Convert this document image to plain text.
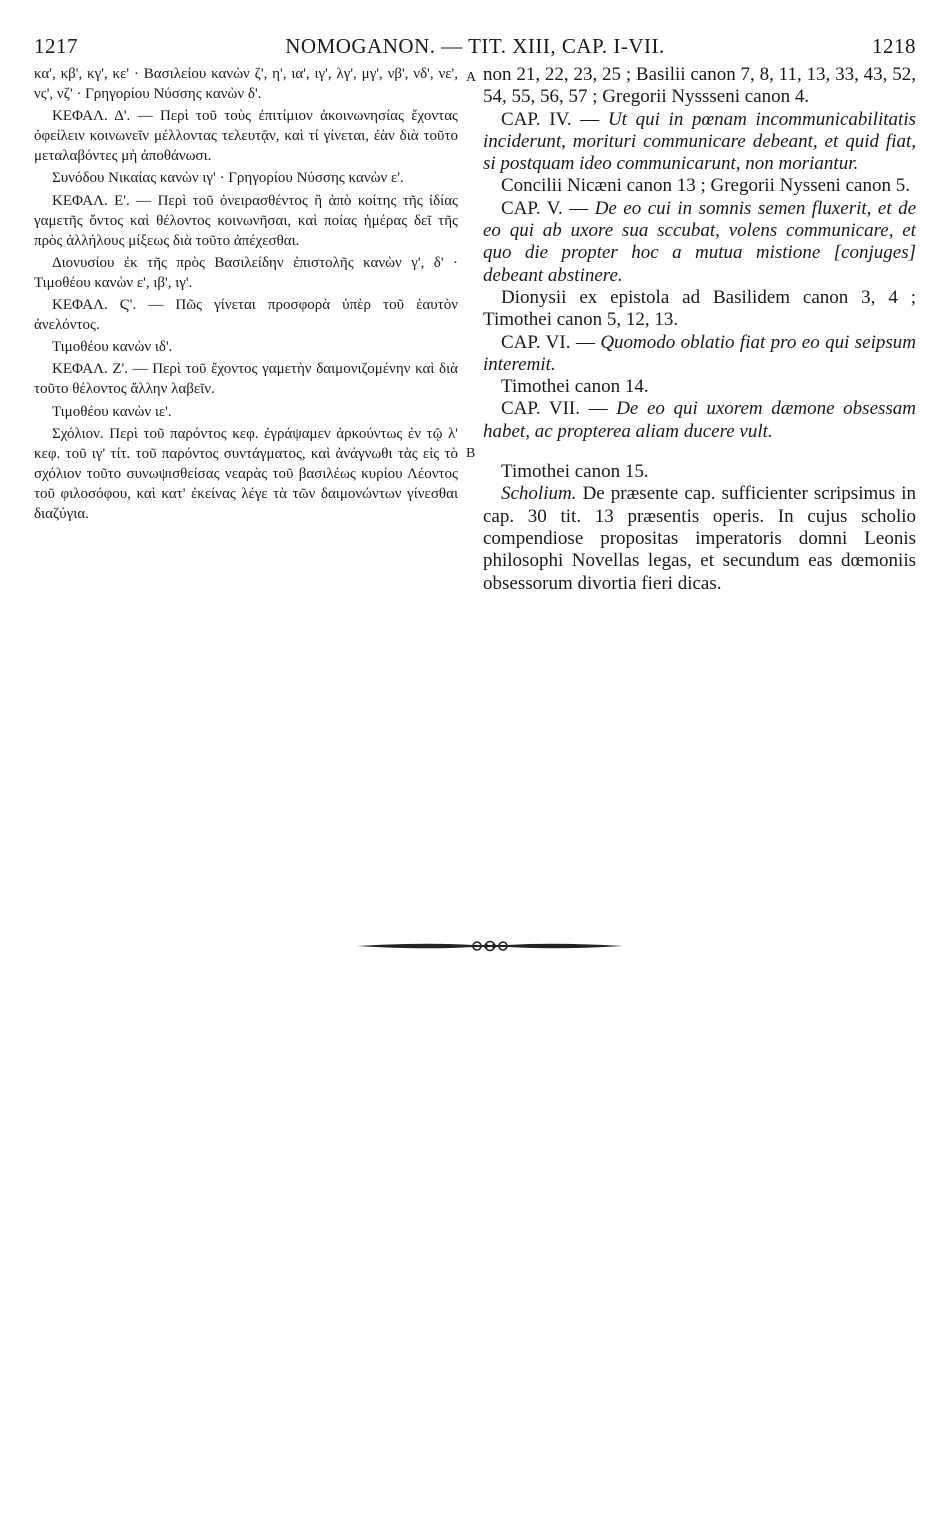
1217	NOMOGANON. — TIT. XIII, CAP. I-VII.	1218

κα', κβ', κγ', κε' · Βασιλείου κανὼν ζ', η', ια', ιγ', λγ', μγ', νβ', νδ', νε', νς', νζ' · Γρηγορίου Νύσσης κανὼν δ'.

ΚΕΦΑΛ. Δ'. — Περὶ τοῦ τοὺς ἐπιτίμιον ἀκοινωνησίας ἔχοντας ὀφείλειν κοινωνεῖν μέλλοντας τελευτᾷν, καὶ τί γίνεται, ἐὰν διὰ τοῦτο μεταλαβόντες μὴ ἀποθάνωσι.

Συνόδου Νικαίας κανὼν ιγ' · Γρηγορίου Νύσσης κανὼν ε'.

ΚΕΦΑΛ. Ε'. — Περὶ τοῦ ὀνειρασθέντος ἢ ἀπὸ κοίτης τῆς ἰδίας γαμετῆς ὄντος καὶ θέλοντος κοινωνῆσαι, καὶ ποίας ἡμέρας δεῖ τῆς πρὸς ἀλλήλους μίξεως διὰ τοῦτο ἀπέχεσθαι.

Διονυσίου ἐκ τῆς πρὸς Βασιλείδην ἐπιστολῆς κανὼν γ', δ' · Τιμοθέου κανὼν ε', ιβ', ιγ'.

ΚΕΦΑΛ. Ϛ'. — Πῶς γίνεται προσφορὰ ὑπὲρ τοῦ ἑαυτὸν ἀνελόντος.

Τιμοθέου κανὼν ιδ'.

ΚΕΦΑΛ. Ζ'. — Περὶ τοῦ ἔχοντος γαμετὴν δαιμονιζομένην καὶ διὰ τοῦτο θέλοντος ἄλλην λαβεῖν.

Τιμοθέου κανὼν ιε'.

Σχόλιον. Περὶ τοῦ παρόντος κεφ. ἐγράψαμεν ἀρκούντως ἐν τῷ λ' κεφ. τοῦ ιγ' τίτ. τοῦ παρόντος συντάγματος, καὶ ἀνάγνωθι τὰς εἰς τὸ σχόλιον τοῦτο συνωψισθείσας νεαρὰς τοῦ βασιλέως κυρίου Λέοντος τοῦ φιλοσόφου, καὶ κατ' ἐκείνας λέγε τὰ τῶν δαιμονώντων γίνεσθαι διαζύγια.

A
B

non 21, 22, 23, 25 ; Basilii canon 7, 8, 11, 13, 33, 43, 52, 54, 55, 56, 57 ; Gregorii Nyssseni canon 4.

CAP. IV. — Ut qui in pœnam incommunicabilitatis inciderunt, morituri communicare debeant, et quid fiat, si postquam ideo communicarunt, non moriantur.

Concilii Nicæni canon 13 ; Gregorii Nysseni canon 5.

CAP. V. — De eo cui in somnis semen fluxerit, et de eo qui ab uxore sua sccubat, volens communicare, et quo die propter hoc a mutua mistione [conjuges] debeant abstinere.

Dionysii ex epistola ad Basilidem canon 3, 4 ; Timothei canon 5, 12, 13.

CAP. VI. — Quomodo oblatio fiat pro eo qui seipsum interemit.

Timothei canon 14.

CAP. VII. — De eo qui uxorem dæmone obsessam habet, ac propterea aliam ducere vult.

Timothei canon 15.

Scholium. De præsente cap. sufficienter scripsimus in cap. 30 tit. 13 præsentis operis. In cujus scholio compendiose propositas imperatoris domni Leonis philosophi Novellas legas, et secundum eas dœmoniis obsessorum divortia fieri dicas.
